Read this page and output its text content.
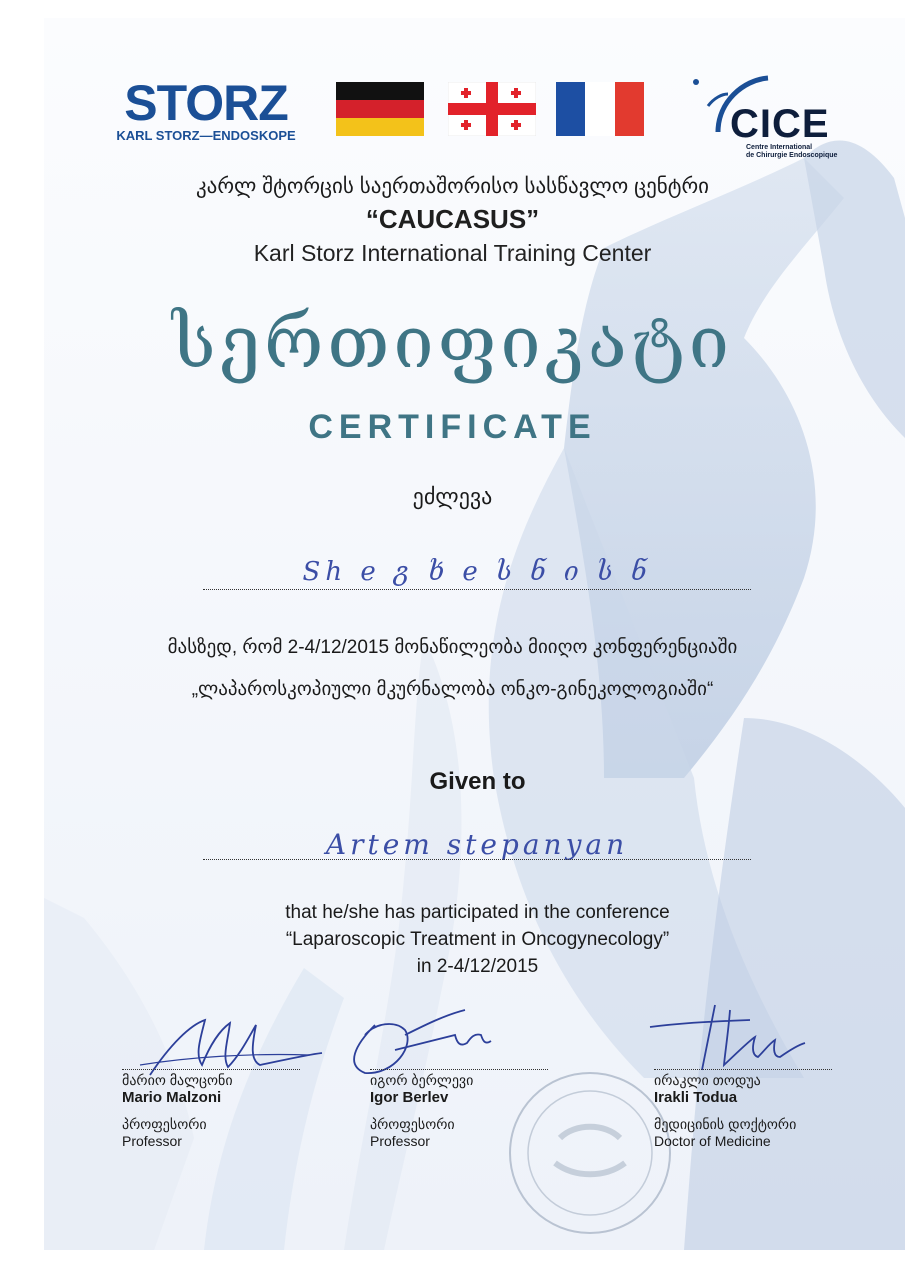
STORZ
KARL STORZ—ENDOSKOPE	CICE
Centre International
de Chirurgie Endoscopique
კარლ შტორცის საერთაშორისო სასწავლო ცენტრი
“CAUCASUS”
Karl Storz International Training Center
სერთიფიკატი
CERTIFICATE
ეძლევა
Sh e გ ხ e ს ნ ი ს ნ
მასზედ, რომ 2-4/12/2015 მონაწილეობა მიიღო კონფერენციაში
„ლაპაროსკოპიული მკურნალობა ონკო-გინეკოლოგიაში“
Given to
Artem stepanyan
that he/she has participated in the conference
“Laparoscopic Treatment in Oncogynecology”
in 2-4/12/2015
მარიო მალცონი
Mario Malzoni
პროფესორი
Professor
იგორ ბერლევი
Igor Berlev
პროფესორი
Professor
ირაკლი თოდუა
Irakli Todua
მედიცინის დოქტორი
Doctor of Medicine
